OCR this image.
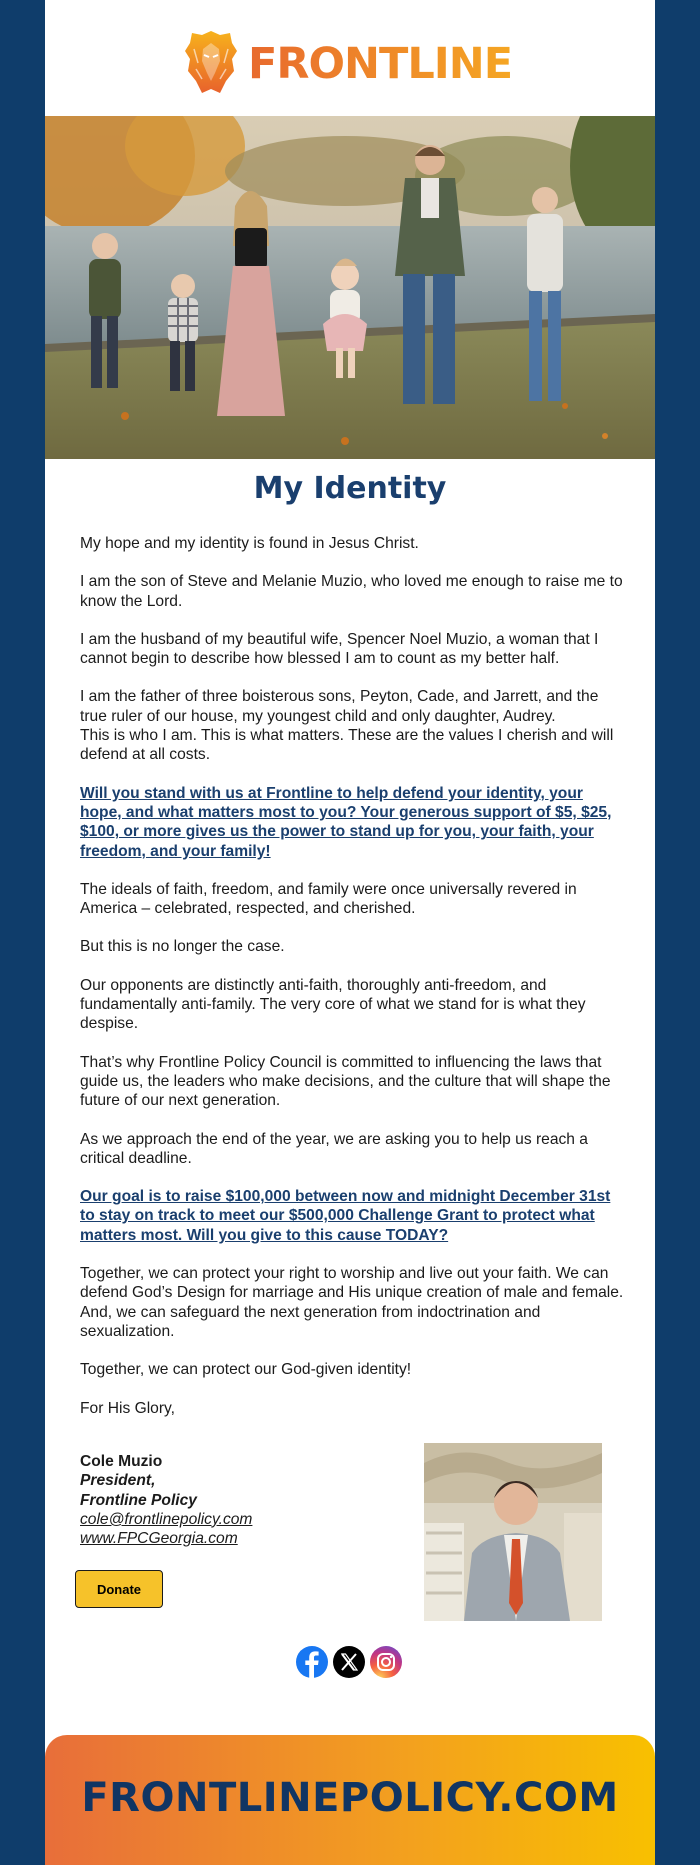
FRONTLINE
My Identity

My hope and my identity is found in Jesus Christ.

I am the son of Steve and Melanie Muzio, who loved me enough to raise me to know the Lord.

I am the husband of my beautiful wife, Spencer Noel Muzio, a woman that I cannot begin to describe how blessed I am to count as my better half.

I am the father of three boisterous sons, Peyton, Cade, and Jarrett, and the true ruler of our house, my youngest child and only daughter, Audrey.

This is who I am. This is what matters. These are the values I cherish and will defend at all costs.

Will you stand with us at Frontline to help defend your identity, your hope, and what matters most to you? Your generous support of $5, $25, $100, or more gives us the power to stand up for you, your faith, your freedom, and your family!

The ideals of faith, freedom, and family were once universally revered in America – celebrated, respected, and cherished.

But this is no longer the case.

Our opponents are distinctly anti-faith, thoroughly anti-freedom, and fundamentally anti-family. The very core of what we stand for is what they despise.

That’s why Frontline Policy Council is committed to influencing the laws that guide us, the leaders who make decisions, and the culture that will shape the future of our next generation.

As we approach the end of the year, we are asking you to help us reach a critical deadline.

Our goal is to raise $100,000 between now and midnight December 31st to stay on track to meet our $500,000 Challenge Grant to protect what matters most. Will you give to this cause TODAY?

Together, we can protect your right to worship and live out your faith. We can defend God’s Design for marriage and His unique creation of male and female. And, we can safeguard the next generation from indoctrination and sexualization.

Together, we can protect our God-given identity!

For His Glory,

Cole Muzio
President,
Frontline Policy
cole@frontlinepolicy.com
www.FPCGeorgia.com
Donate
FRONTLINEPOLICY.COM
